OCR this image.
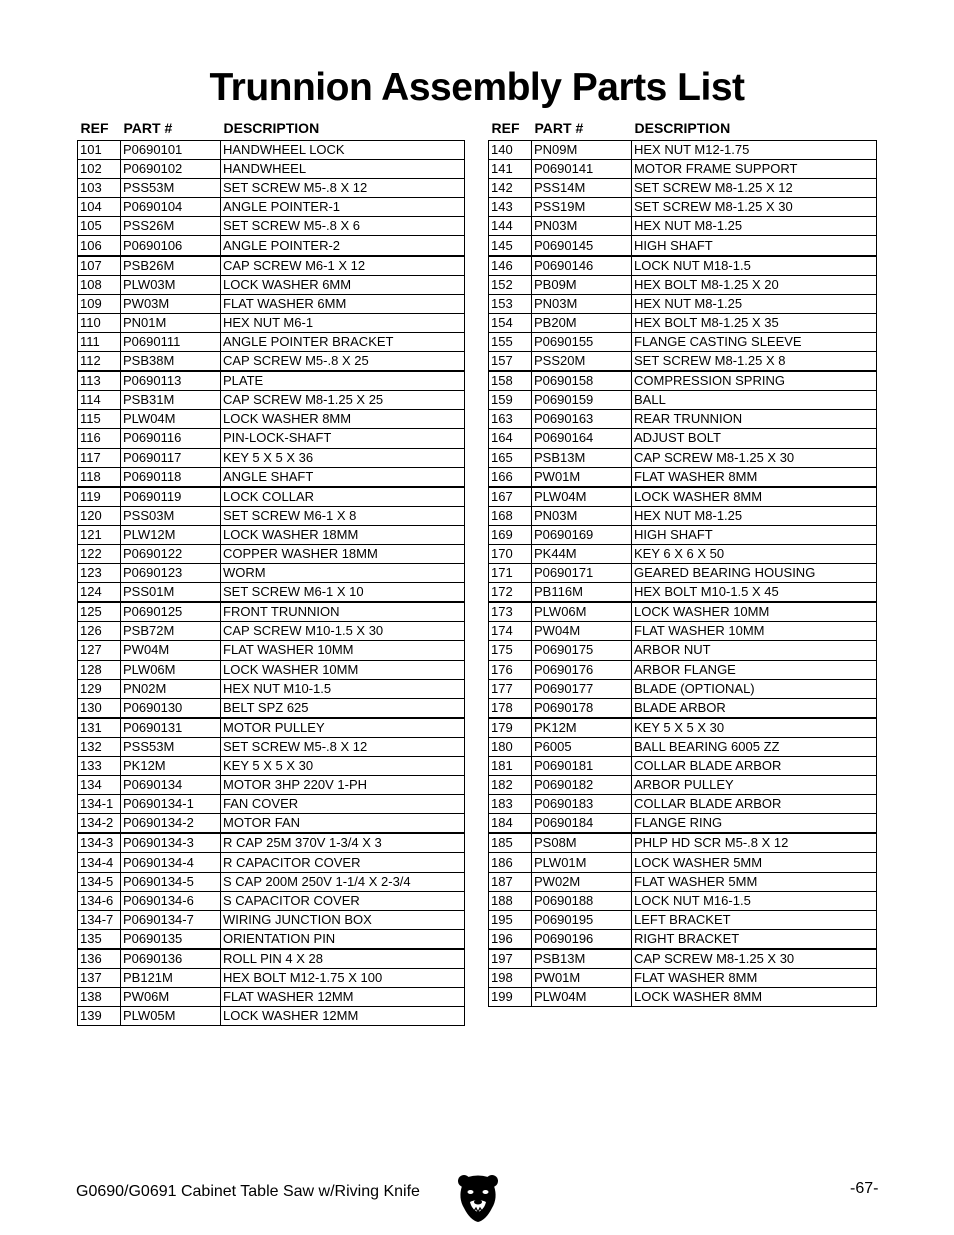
Trunnion Assembly Parts List
REF	PART #	DESCRIPTION
101	P0690101	HANDWHEEL LOCK
102	P0690102	HANDWHEEL
103	PSS53M	SET SCREW M5-.8 X 12
104	P0690104	ANGLE POINTER-1
105	PSS26M	SET SCREW M5-.8 X 6
106	P0690106	ANGLE POINTER-2
107	PSB26M	CAP SCREW M6-1 X 12
108	PLW03M	LOCK WASHER 6MM
109	PW03M	FLAT WASHER 6MM
110	PN01M	HEX NUT M6-1
111	P0690111	ANGLE POINTER BRACKET
112	PSB38M	CAP SCREW M5-.8 X 25
113	P0690113	PLATE
114	PSB31M	CAP SCREW M8-1.25 X 25
115	PLW04M	LOCK WASHER 8MM
116	P0690116	PIN-LOCK-SHAFT
117	P0690117	KEY 5 X 5 X 36
118	P0690118	ANGLE SHAFT
119	P0690119	LOCK COLLAR
120	PSS03M	SET SCREW M6-1 X 8
121	PLW12M	LOCK WASHER 18MM
122	P0690122	COPPER WASHER 18MM
123	P0690123	WORM
124	PSS01M	SET SCREW M6-1 X 10
125	P0690125	FRONT TRUNNION
126	PSB72M	CAP SCREW M10-1.5 X 30
127	PW04M	FLAT WASHER 10MM
128	PLW06M	LOCK WASHER 10MM
129	PN02M	HEX NUT M10-1.5
130	P0690130	BELT SPZ 625
131	P0690131	MOTOR PULLEY
132	PSS53M	SET SCREW M5-.8 X 12
133	PK12M	KEY 5 X 5 X 30
134	P0690134	MOTOR 3HP 220V 1-PH
134-1	P0690134-1	FAN COVER
134-2	P0690134-2	MOTOR FAN
134-3	P0690134-3	R CAP 25M 370V 1-3/4 X 3
134-4	P0690134-4	R CAPACITOR COVER
134-5	P0690134-5	S CAP 200M 250V 1-1/4 X 2-3/4
134-6	P0690134-6	S CAPACITOR COVER
134-7	P0690134-7	WIRING JUNCTION BOX
135	P0690135	ORIENTATION PIN
136	P0690136	ROLL PIN 4 X 28
137	PB121M	HEX BOLT M12-1.75 X 100
138	PW06M	FLAT WASHER 12MM
139	PLW05M	LOCK WASHER 12MM
REF	PART #	DESCRIPTION
140	PN09M	HEX NUT M12-1.75
141	P0690141	MOTOR FRAME SUPPORT
142	PSS14M	SET SCREW M8-1.25 X 12
143	PSS19M	SET SCREW M8-1.25 X 30
144	PN03M	HEX NUT M8-1.25
145	P0690145	HIGH SHAFT
146	P0690146	LOCK NUT M18-1.5
152	PB09M	HEX BOLT M8-1.25 X 20
153	PN03M	HEX NUT M8-1.25
154	PB20M	HEX BOLT M8-1.25 X 35
155	P0690155	FLANGE CASTING SLEEVE
157	PSS20M	SET SCREW M8-1.25 X 8
158	P0690158	COMPRESSION SPRING
159	P0690159	BALL
163	P0690163	REAR TRUNNION
164	P0690164	ADJUST BOLT
165	PSB13M	CAP SCREW M8-1.25 X 30
166	PW01M	FLAT WASHER 8MM
167	PLW04M	LOCK WASHER 8MM
168	PN03M	HEX NUT M8-1.25
169	P0690169	HIGH SHAFT
170	PK44M	KEY 6 X 6 X 50
171	P0690171	GEARED BEARING HOUSING
172	PB116M	HEX BOLT M10-1.5 X 45
173	PLW06M	LOCK WASHER 10MM
174	PW04M	FLAT WASHER 10MM
175	P0690175	ARBOR NUT
176	P0690176	ARBOR FLANGE
177	P0690177	BLADE (OPTIONAL)
178	P0690178	BLADE ARBOR
179	PK12M	KEY 5 X 5 X 30
180	P6005	BALL BEARING 6005 ZZ
181	P0690181	COLLAR BLADE ARBOR
182	P0690182	ARBOR PULLEY
183	P0690183	COLLAR BLADE ARBOR
184	P0690184	FLANGE RING
185	PS08M	PHLP HD SCR M5-.8 X 12
186	PLW01M	LOCK WASHER 5MM
187	PW02M	FLAT WASHER 5MM
188	P0690188	LOCK NUT M16-1.5
195	P0690195	LEFT BRACKET
196	P0690196	RIGHT BRACKET
197	PSB13M	CAP SCREW M8-1.25 X 30
198	PW01M	FLAT WASHER 8MM
199	PLW04M	LOCK WASHER 8MM
G0690/G0691 Cabinet Table Saw w/Riving Knife	-67-
